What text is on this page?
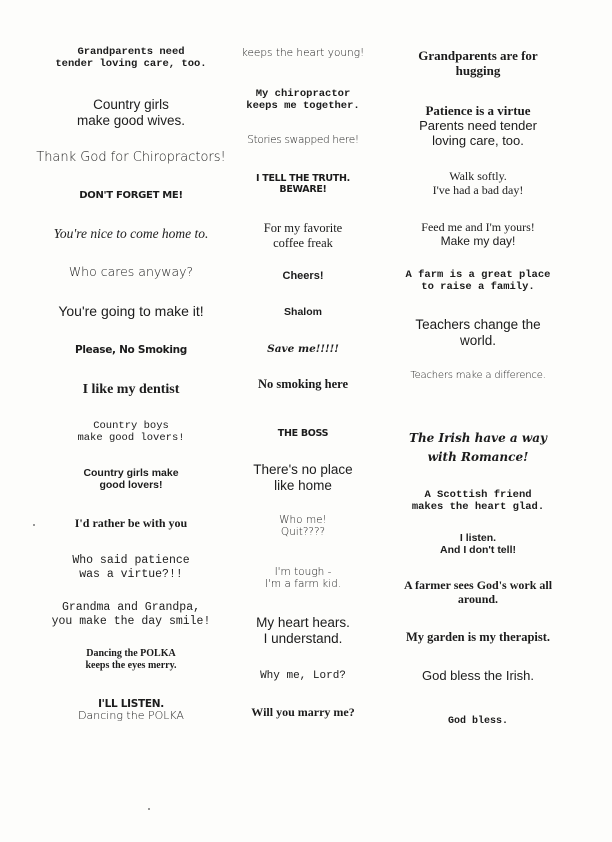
Grandparents need
tender loving care, too.
Country girls
make good wives.
Thank God for Chiropractors!
DON'T FORGET ME!
You're nice to come home to.
Who cares anyway?
You're going to make it!
Please, No Smoking
I like my dentist
Country boys
make good lovers!
Country girls make
good lovers!
I'd rather be with you
Who said patience
was a virtue?!!
Grandma and Grandpa,
you make the day smile!
Dancing the POLKA
keeps the eyes merry.
I'LL LISTEN.
Dancing the POLKA
keeps the heart young!
My chiropractor
keeps me together.
Stories swapped here!
I TELL THE TRUTH.
BEWARE!
For my favorite
coffee freak
Cheers!
Shalom
Save me!!!!!
No smoking here
THE BOSS
There's no place
like home
Who me!
Quit????
I'm tough -
I'm a farm kid.
My heart hears.
I understand.
Why me, Lord?
Will you marry me?
Grandparents are for
hugging
Patience is a virtue
Parents need tender
loving care, too.
Walk softly.
I've had a bad day!
Feed me and I'm yours!
Make my day!
A farm is a great place
to raise a family.
Teachers change the
world.
Teachers make a difference.
The Irish have a way
with Romance!
A Scottish friend
makes the heart glad.
I listen.
And I don't tell!
A farmer sees God's work all
around.
My garden is my therapist.
God bless the Irish.
God bless.
